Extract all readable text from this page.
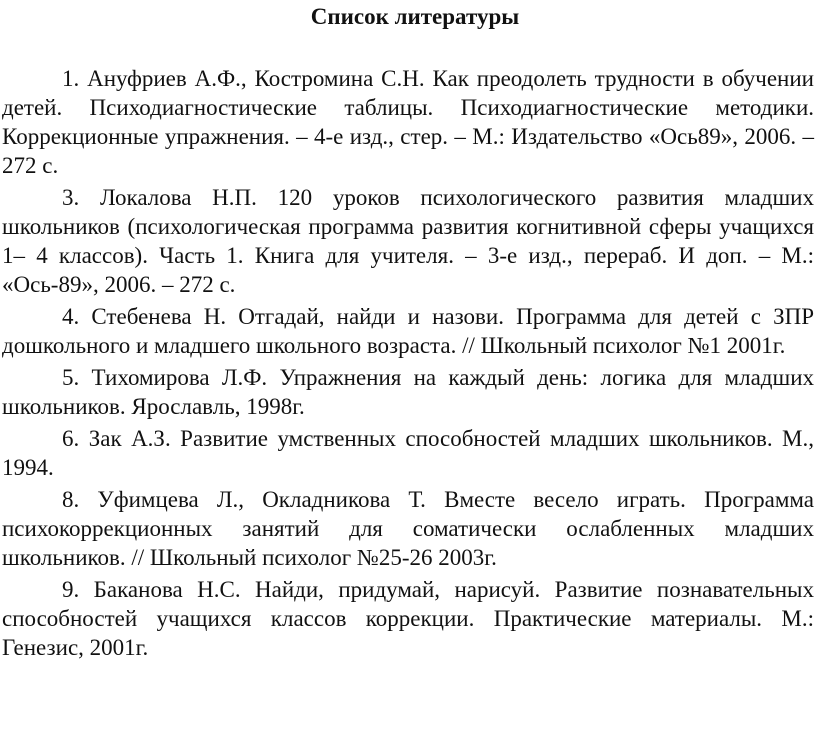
Список литературы
1. Ануфриев А.Ф., Костромина С.Н. Как преодолеть трудности в обучении детей. Психодиагностические таблицы. Психодиагностические методики. Коррекционные упражнения. – 4-е изд., стер. – М.: Издательство «Ось89», 2006. – 272 с.
3. Локалова Н.П. 120 уроков психологического развития младших школьников (психологическая программа развития когнитивной сферы учащихся 1– 4 классов). Часть 1. Книга для учителя. – 3-е изд., перераб. И доп. – М.: «Ось-89», 2006. – 272 с.
4. Стебенева Н. Отгадай, найди и назови. Программа для детей с ЗПР дошкольного и младшего школьного возраста. // Школьный психолог №1 2001г.
5. Тихомирова Л.Ф. Упражнения на каждый день: логика для младших школьников. Ярославль, 1998г.
6. Зак А.З. Развитие умственных способностей младших школьников. М., 1994.
8. Уфимцева Л., Окладникова Т. Вместе весело играть. Программа психокоррекционных занятий для соматически ослабленных младших школьников. // Школьный психолог №25-26 2003г.
9. Баканова Н.С. Найди, придумай, нарисуй. Развитие познавательных способностей учащихся классов коррекции. Практические материалы. М.: Генезис, 2001г.
